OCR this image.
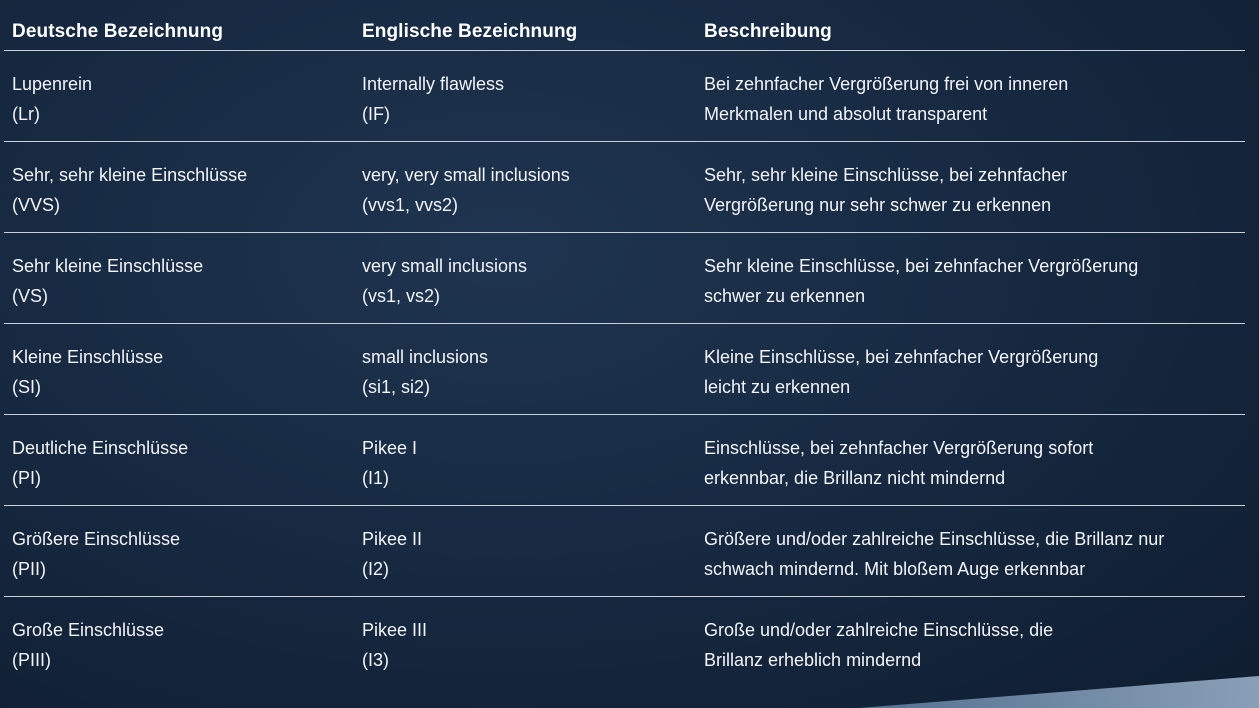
Deutsche Bezeichnung	Englische Bezeichnung	Beschreibung
Lupenrein
(Lr)
Internally flawless
(IF)
Bei zehnfacher Vergrößerung frei von inneren
Merkmalen und absolut transparent
Sehr, sehr kleine Einschlüsse
(VVS)
very, very small inclusions
(vvs1, vvs2)
Sehr, sehr kleine Einschlüsse, bei zehnfacher
Vergrößerung nur sehr schwer zu erkennen
Sehr kleine Einschlüsse
(VS)
very small inclusions
(vs1, vs2)
Sehr kleine Einschlüsse, bei zehnfacher Vergrößerung
schwer zu erkennen
Kleine Einschlüsse
(SI)
small inclusions
(si1, si2)
Kleine Einschlüsse, bei zehnfacher Vergrößerung
leicht zu erkennen
Deutliche Einschlüsse
(PI)
Pikee I
(I1)
Einschlüsse, bei zehnfacher Vergrößerung sofort
erkennbar, die Brillanz nicht mindernd
Größere Einschlüsse
(PII)
Pikee II
(I2)
Größere und/oder zahlreiche Einschlüsse, die Brillanz nur
schwach mindernd. Mit bloßem Auge erkennbar
Große Einschlüsse
(PIII)
Pikee III
(I3)
Große und/oder zahlreiche Einschlüsse, die
Brillanz erheblich mindernd
